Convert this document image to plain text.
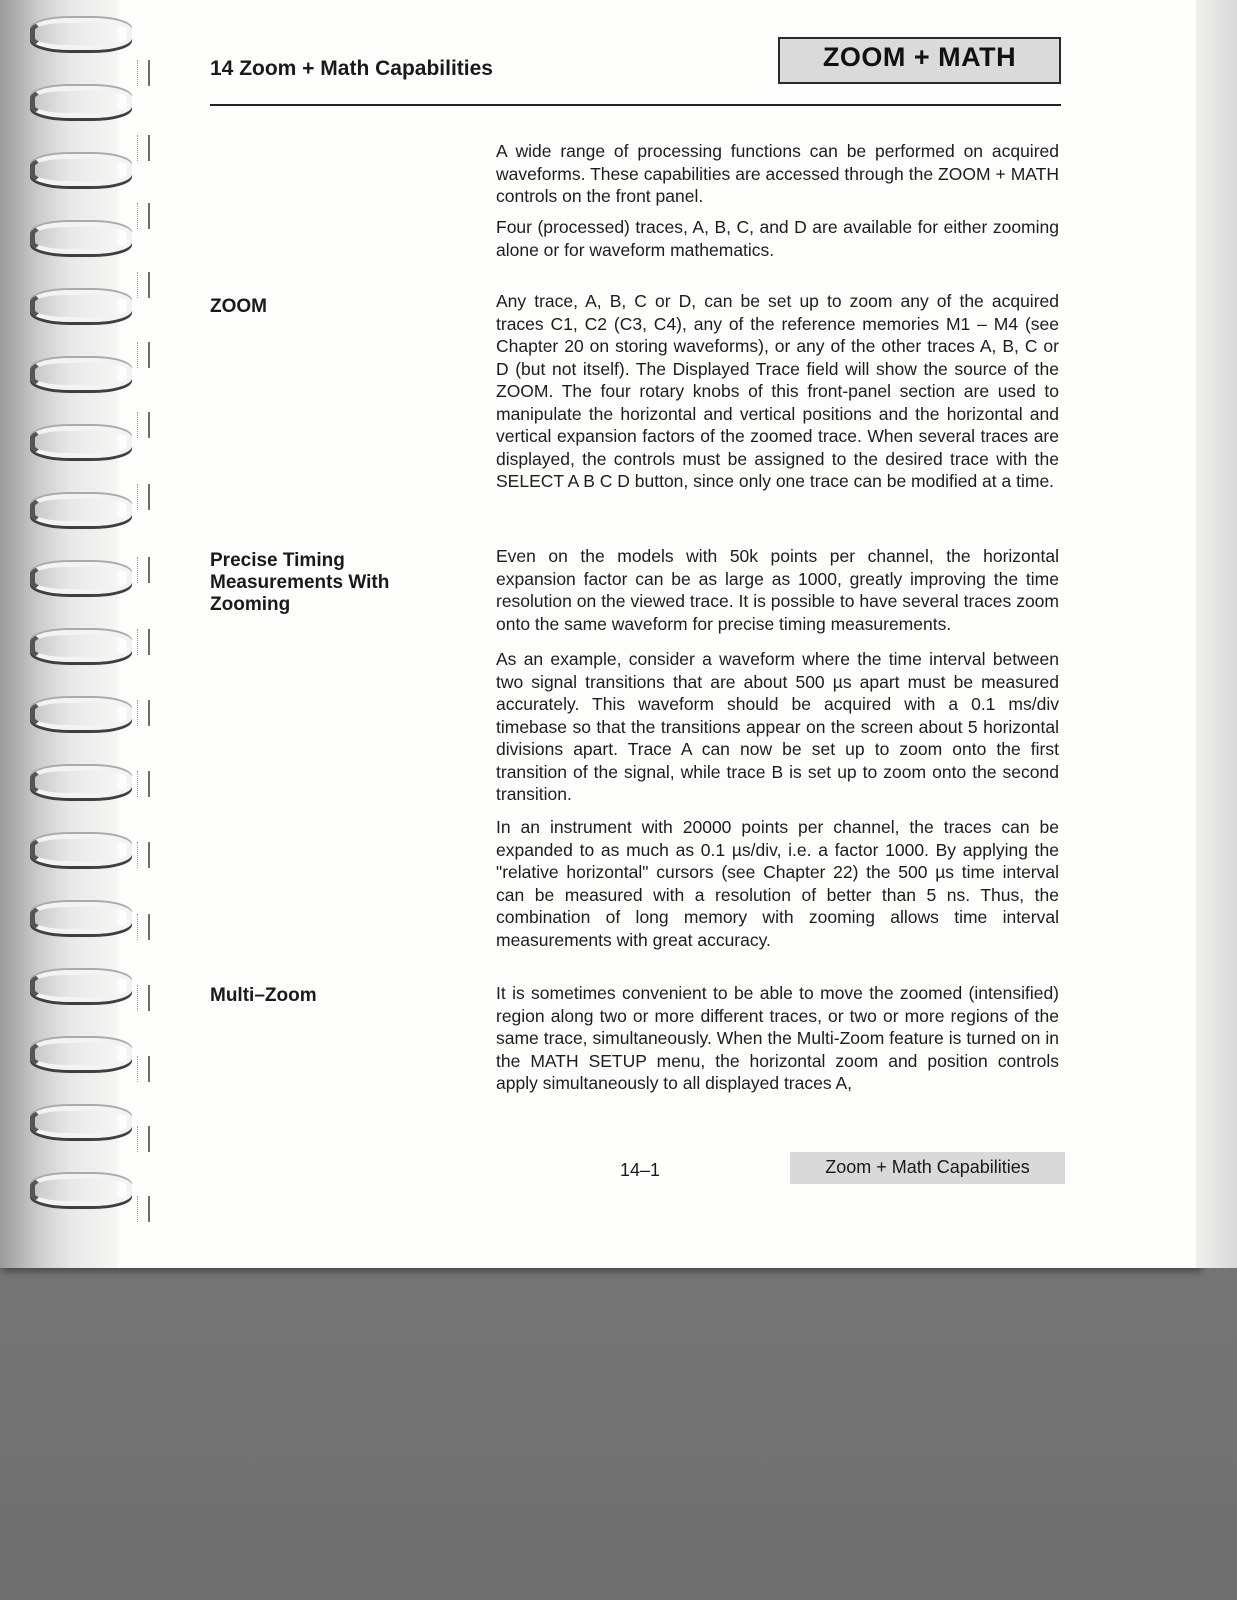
14 Zoom + Math Capabilities	ZOOM + MATH

A wide range of processing functions can be performed on acquired waveforms. These capabilities are accessed through the ZOOM + MATH controls on the front panel.

Four (processed) traces, A, B, C, and D are available for either zooming alone or for waveform mathematics.

ZOOM	Any trace, A, B, C or D, can be set up to zoom any of the acquired traces C1, C2 (C3, C4), any of the reference memories M1 – M4 (see Chapter 20 on storing waveforms), or any of the other traces A, B, C or D (but not itself). The Displayed Trace field will show the source of the ZOOM. The four rotary knobs of this front-panel section are used to manipulate the horizontal and vertical positions and the horizontal and vertical expansion factors of the zoomed trace. When several traces are displayed, the controls must be assigned to the desired trace with the SELECT A B C D button, since only one trace can be modified at a time.

Precise Timing Measurements With Zooming

Even on the models with 50k points per channel, the horizontal expansion factor can be as large as 1000, greatly improving the time resolution on the viewed trace. It is possible to have several traces zoom onto the same waveform for precise timing measurements.

As an example, consider a waveform where the time interval between two signal transitions that are about 500 µs apart must be measured accurately. This waveform should be acquired with a 0.1 ms/div timebase so that the transitions appear on the screen about 5 horizontal divisions apart. Trace A can now be set up to zoom onto the first transition of the signal, while trace B is set up to zoom onto the second transition.

In an instrument with 20000 points per channel, the traces can be expanded to as much as 0.1 µs/div, i.e. a factor 1000. By applying the "relative horizontal" cursors (see Chapter 22) the 500 µs time interval can be measured with a resolution of better than 5 ns. Thus, the combination of long memory with zooming allows time interval measurements with great accuracy.

Multi–Zoom	It is sometimes convenient to be able to move the zoomed (intensified) region along two or more different traces, or two or more regions of the same trace, simultaneously. When the Multi-Zoom feature is turned on in the MATH SETUP menu, the horizontal zoom and position controls apply simultaneously to all displayed traces A,

14–1	Zoom + Math Capabilities
